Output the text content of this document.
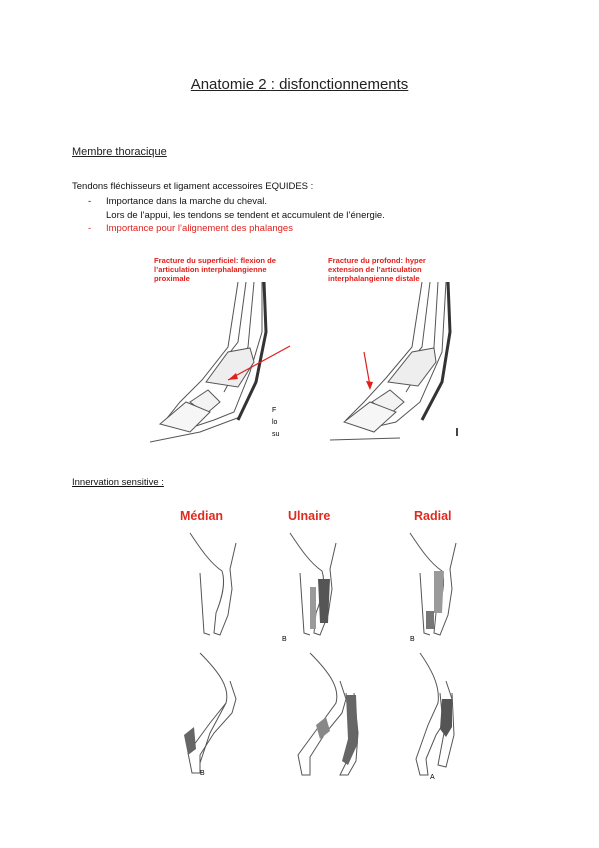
Anatomie 2 : disfonctionnements
Membre thoracique
Tendons fléchisseurs et ligament accessoires EQUIDES :
- Importance dans la marche du cheval.
Lors de l’appui, les tendons se tendent et accumulent de l’énergie.
- Importance pour l’alignement des phalanges
F
lo
su
Fracture du superficiel: flexion de
l’articulation interphalangienne
proximale
Fracture du profond: hyper
extension de l’articulation
interphalangienne distale
Innervation sensitive :
Médian	Ulnaire	Radial
B	B
B
A
